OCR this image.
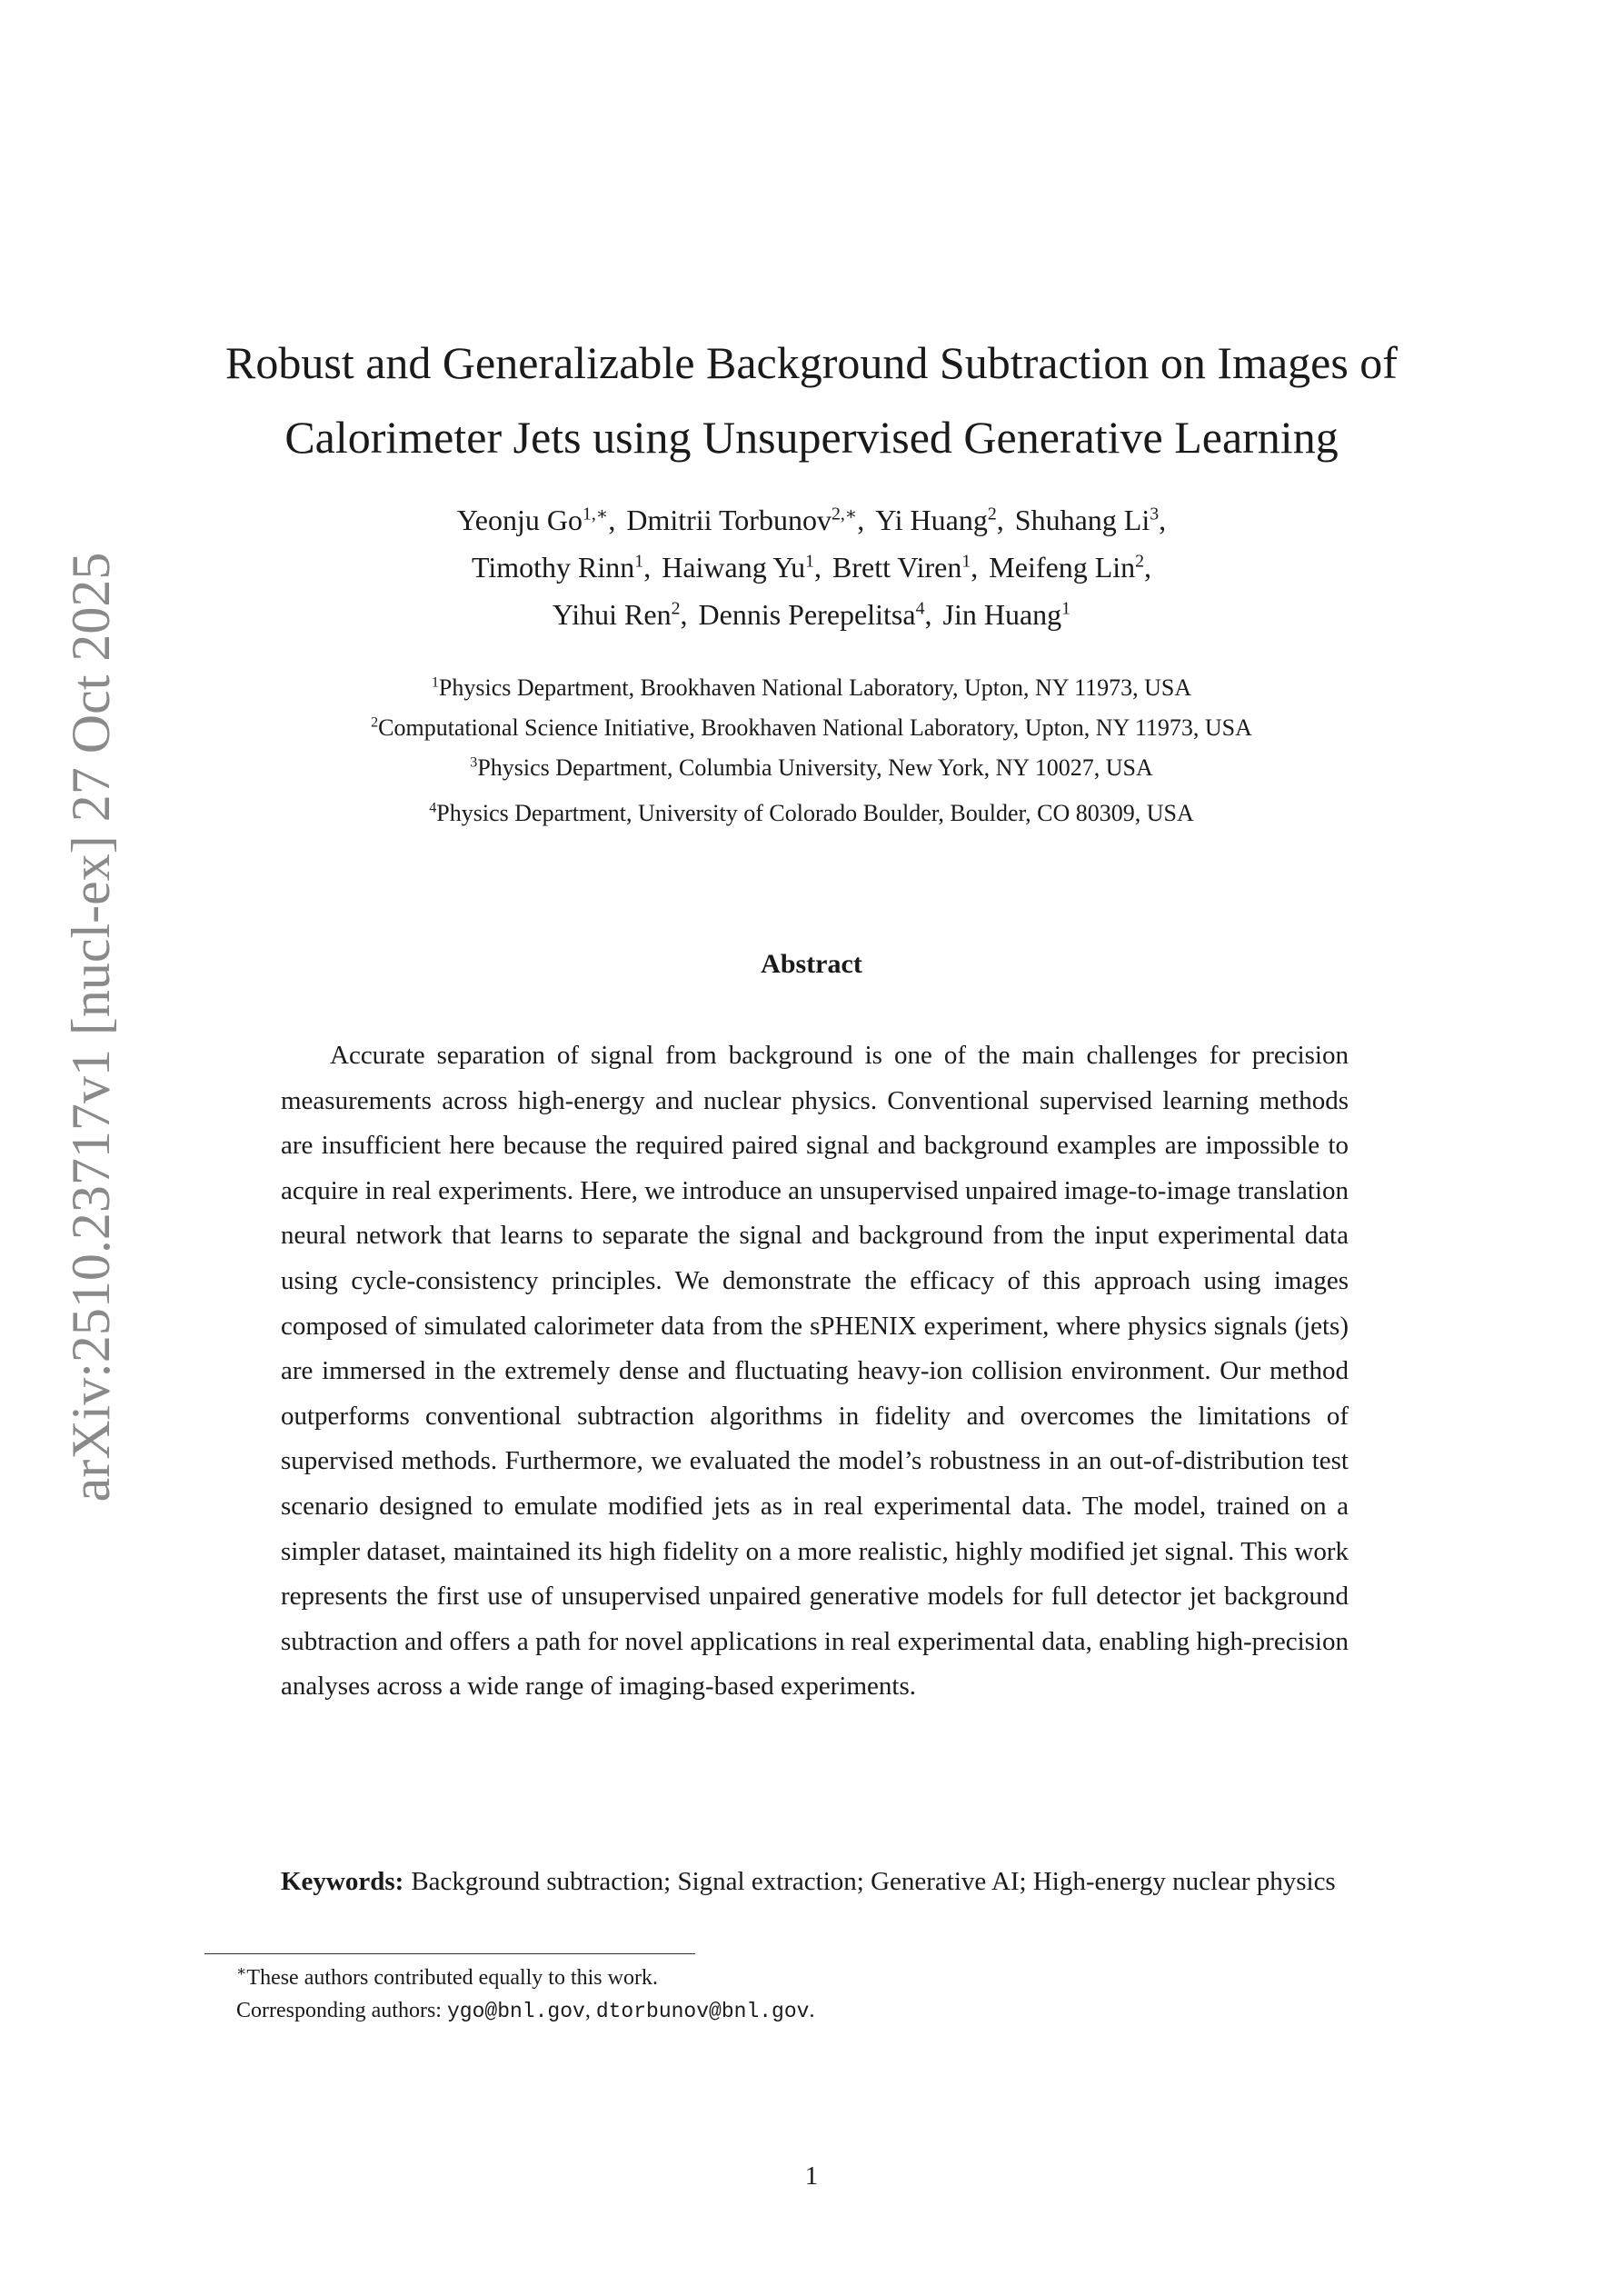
arXiv:2510.23717v1 [nucl-ex] 27 Oct 2025
Robust and Generalizable Background Subtraction on Images of
Calorimeter Jets using Unsupervised Generative Learning
Yeonju $Go^{1,∗}$, Dmitrii Torbunov$^{2,∗}$, Yi Huang$^2$, Shuhang Li$^3$,
Timothy Rinn$^1$, Haiwang Yu$^1$, Brett Viren$^1$, Meifeng Lin$^2$,
Yihui Ren$^2$, Dennis Perepelitsa$^4$, Jin Huang$^1$
$^1$Physics Department, Brookhaven National Laboratory, Upton, NY 11973, USA
$^2$Computational Science Initiative, Brookhaven National Laboratory, Upton, NY 11973, USA
$^3$Physics Department, Columbia University, New York, NY 10027, USA
$^4$Physics Department, University of Colorado Boulder, Boulder, CO 80309, USA
Abstract

Accurate separation of signal from background is one of the main challenges for precision measurements across high-energy and nuclear physics. Conventional supervised learning methods are insufficient here because the required paired signal and background examples are impossible to acquire in real experiments. Here, we introduce an unsupervised unpaired image-to-image translation neural network that learns to separate the signal and background from the input experimental data using cycle-consistency principles. We demonstrate the efficacy of this approach using images composed of simulated calorimeter data from the sPHENIX experiment, where physics signals (jets) are immersed in the extremely dense and fluctuating heavy-ion collision environment. Our method outperforms conventional subtraction algorithms in fidelity and overcomes the limitations of supervised methods. Furthermore, we evaluated the model’s robustness in an out-of-distribution test scenario designed to emulate modified jets as in real experimental data. The model, trained on a simpler dataset, maintained its high fidelity on a more realistic, highly modified jet signal. This work represents the first use of unsupervised unpaired generative models for full detector jet background subtraction and offers a path for novel applications in real experimental data, enabling high-precision analyses across a wide range of imaging-based experiments.

Keywords: Background subtraction; Signal extraction; Generative AI; High-energy nuclear physics

∗These authors contributed equally to this work.
Corresponding authors: ygo@bnl.gov, dtorbunov@bnl.gov.
1
